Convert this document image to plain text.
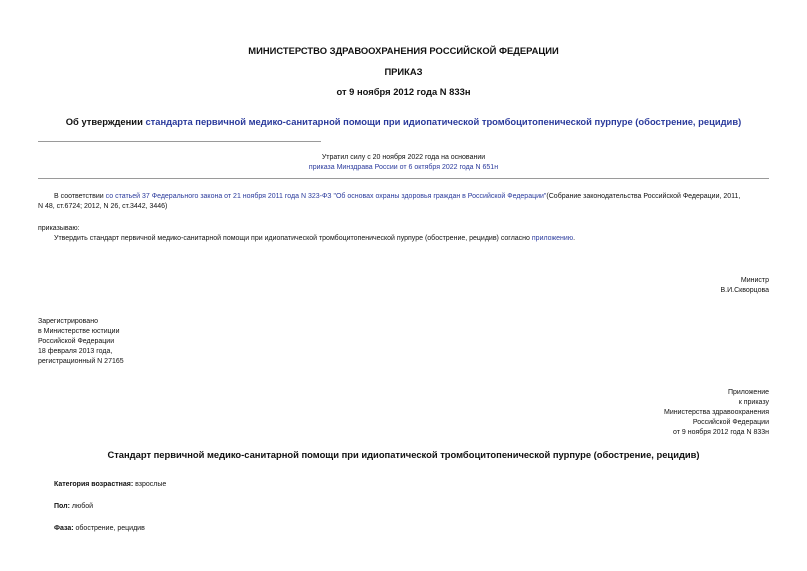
МИНИСТЕРСТВО ЗДРАВООХРАНЕНИЯ РОССИЙСКОЙ ФЕДЕРАЦИИ
ПРИКАЗ
от 9 ноября 2012 года N 833н
Об утверждении стандарта первичной медико-санитарной помощи при идиопатической тромбоцитопенической пурпуре (обострение, рецидив)
Утратил силу с 20 ноября 2022 года на основании
приказа Минздрава России от 6 октября 2022 года N 651н
В соответствии со статьей 37 Федерального закона от 21 ноября 2011 года N 323-ФЗ "Об основах охраны здоровья граждан в Российской Федерации"(Собрание законодательства Российской Федерации, 2011,
N 48, ст.6724; 2012, N 26, ст.3442, 3446)
приказываю:
Утвердить стандарт первичной медико-санитарной помощи при идиопатической тромбоцитопенической пурпуре (обострение, рецидив) согласно приложению.
Министр
В.И.Скворцова
Зарегистрировано
в Министерстве юстиции
Российской Федерации
18 февраля 2013 года,
регистрационный N 27165
Приложение
к приказу
Министерства здравоохранения
Российской Федерации
от 9 ноября 2012 года N 833н
Стандарт первичной медико-санитарной помощи при идиопатической тромбоцитопенической пурпуре (обострение, рецидив)
Категория возрастная: взрослые
Пол: любой
Фаза: обострение, рецидив
